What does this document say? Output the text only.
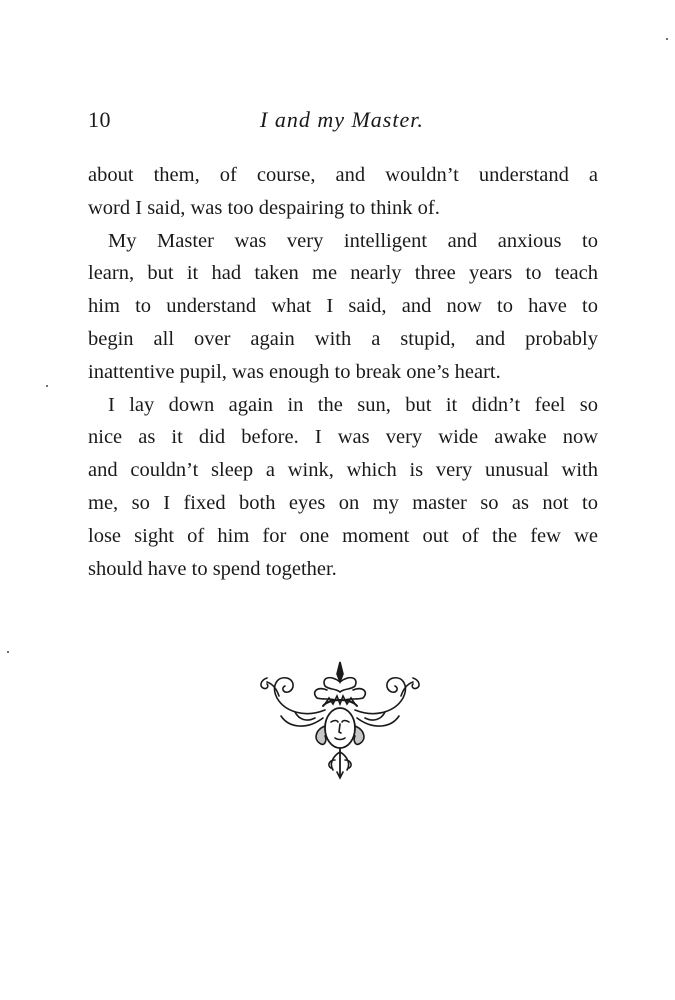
10	I and my Master.

about them, of course, and wouldn’t understand a
word I said, was too despairing to think of.

My Master was very intelligent and anxious to
learn, but it had taken me nearly three years to teach
him to understand what I said, and now to have to
begin all over again with a stupid, and probably
inattentive pupil, was enough to break one’s heart.

I lay down again in the sun, but it didn’t feel so
nice as it did before. I was very wide awake now
and couldn’t sleep a wink, which is very unusual with
me, so I fixed both eyes on my master so as not to
lose sight of him for one moment out of the few we
should have to spend together.
